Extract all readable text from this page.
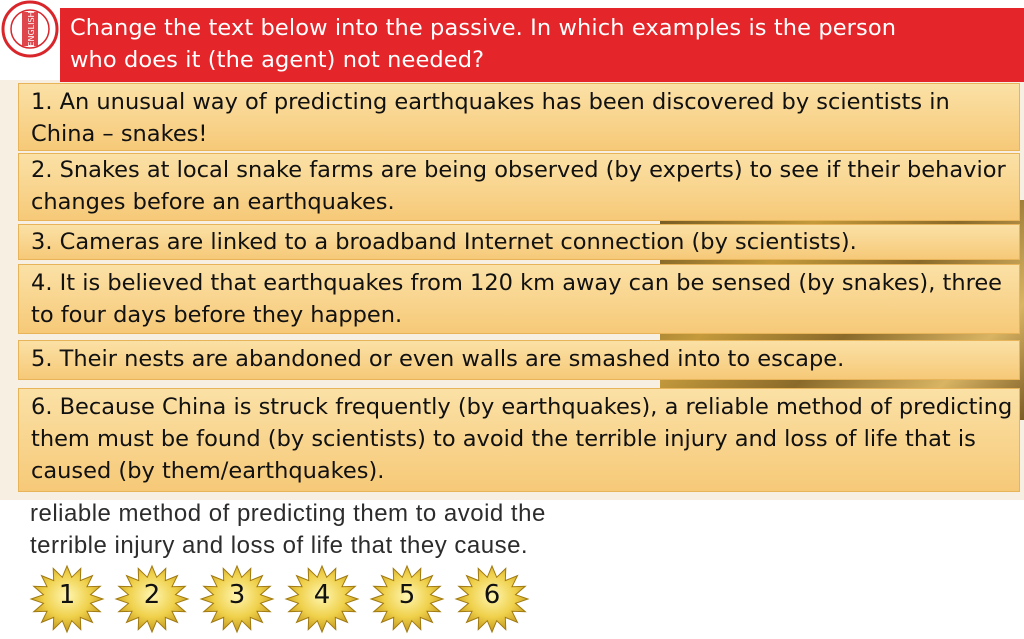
ENGLISH Change the text below into the passive. In which examples is the person who does it (the agent) not needed?
1. An unusual way of predicting earthquakes has been discovered by scientists in China – snakes!
2. Snakes at local snake farms are being observed (by experts) to see if their behavior changes before an earthquakes.
3. Cameras are linked to a broadband Internet connection (by scientists).
4. It is believed that earthquakes from 120 km away can be sensed (by snakes), three to four days before they happen.
5. Their nests are abandoned or even walls are smashed into to escape.
6. Because China is struck frequently (by earthquakes), a reliable method of predicting them must be found (by scientists) to avoid the terrible injury and loss of life that is caused (by them/earthquakes).
reliable method of predicting them to avoid the
terrible injury and loss of life that they cause.
1	2	3	4	5	6
